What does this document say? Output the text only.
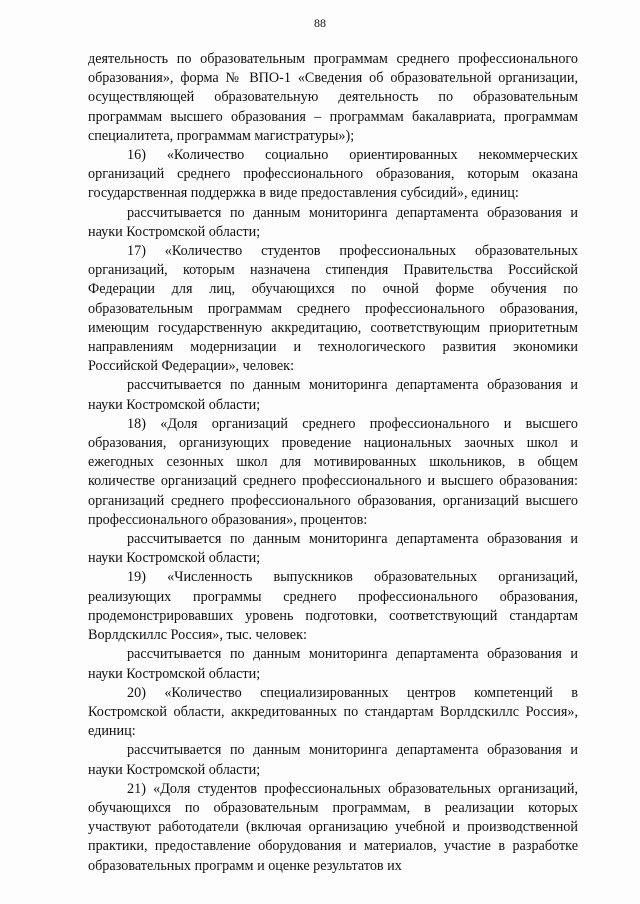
88

деятельность по образовательным программам среднего профессионального образования», форма № ВПО-1 «Сведения об образовательной организации, осуществляющей образовательную деятельность по образовательным программам высшего образования – программам бакалавриата, программам специалитета, программам магистратуры»);

16) «Количество социально ориентированных некоммерческих организаций среднего профессионального образования, которым оказана государственная поддержка в виде предоставления субсидий», единиц:

рассчитывается по данным мониторинга департамента образования и науки Костромской области;

17) «Количество студентов профессиональных образовательных организаций, которым назначена стипендия Правительства Российской Федерации для лиц, обучающихся по очной форме обучения по образовательным программам среднего профессионального образования, имеющим государственную аккредитацию, соответствующим приоритетным направлениям модернизации и технологического развития экономики Российской Федерации», человек:

рассчитывается по данным мониторинга департамента образования и науки Костромской области;

18) «Доля организаций среднего профессионального и высшего образования, организующих проведение национальных заочных школ и ежегодных сезонных школ для мотивированных школьников, в общем количестве организаций среднего профессионального и высшего образования: организаций среднего профессионального образования, организаций высшего профессионального образования», процентов:

рассчитывается по данным мониторинга департамента образования и науки Костромской области;

19) «Численность выпускников образовательных организаций, реализующих программы среднего профессионального образования, продемонстрировавших уровень подготовки, соответствующий стандартам Ворлдскиллс Россия», тыс. человек:

рассчитывается по данным мониторинга департамента образования и науки Костромской области;

20) «Количество специализированных центров компетенций в Костромской области, аккредитованных по стандартам Ворлдскиллс Россия», единиц:

рассчитывается по данным мониторинга департамента образования и науки Костромской области;

21) «Доля студентов профессиональных образовательных организаций, обучающихся по образовательным программам, в реализации которых участвуют работодатели (включая организацию учебной и производственной практики, предоставление оборудования и материалов, участие в разработке образовательных программ и оценке результатов их
